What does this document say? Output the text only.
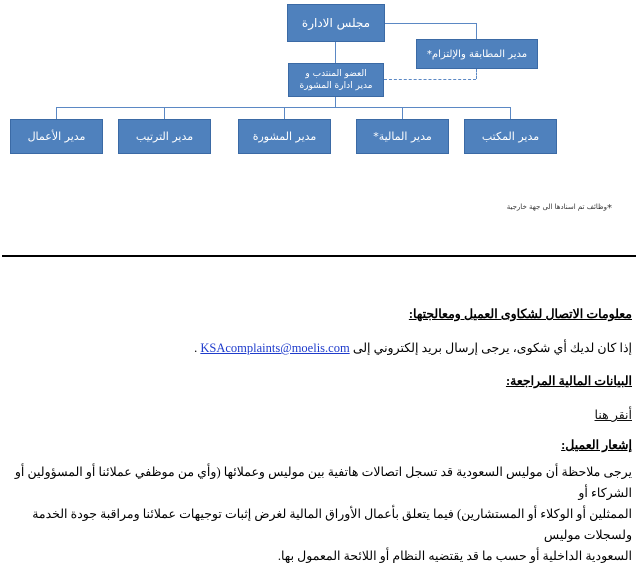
مجلس الادارة
مدير المطابقة والإلتزام*
العضو المنتدب و
مدير ادارة المشورة
مدير الأعمال	مدير الترتيب	مدير المشورة	مدير المالية*	مدير المكتب
*وظائف تم اسنادها الى جهة خارجية

معلومات الاتصال لشكاوى العميل ومعالجتها:

إذا كان لديك أي شكوى، يرجى إرسال بريد إلكتروني إلى KSAcomplaints@moelis.com .

البيانات المالية المراجعة:

أنقر هنا

إشعار العميل:

يرجى ملاحظة أن موليس السعودية قد تسجل اتصالات هاتفية بين موليس وعملائها (وأي من موظفي عملائنا أو المسؤولين أو الشركاء أو

الممثلين أو الوكلاء أو المستشارين) فيما يتعلق بأعمال الأوراق المالية لغرض إثبات توجيهات عملائنا ومراقبة جودة الخدمة ولسجلات موليس

السعودية الداخلية أو حسب ما قد يقتضيه النظام أو اللائحة المعمول بها.
